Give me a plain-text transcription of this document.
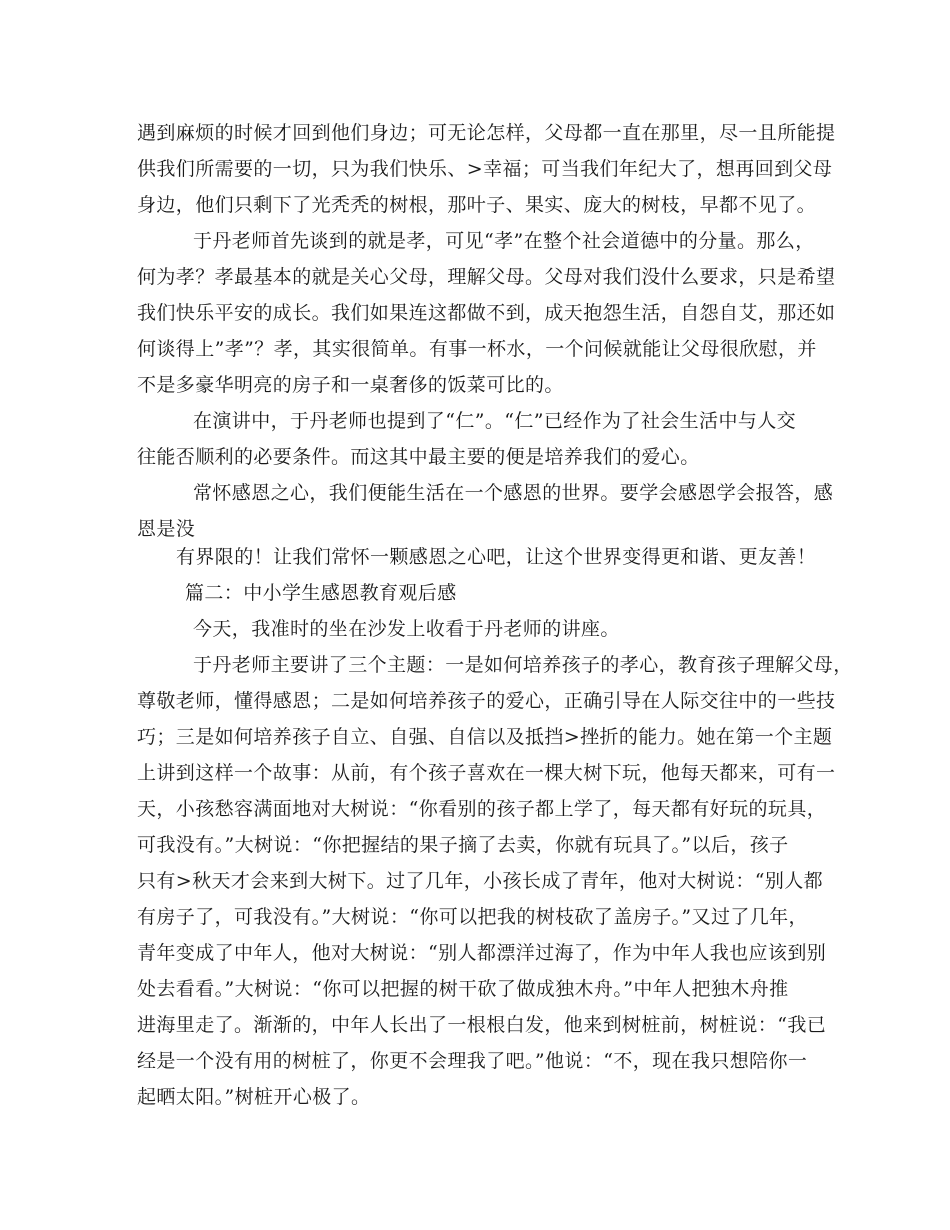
遇到麻烦的时候才回到他们身边；可无论怎样，父母都一直在那里，尽一且所能提
供我们所需要的一切，只为我们快乐、>幸福；可当我们年纪大了，想再回到父母
身边，他们只剩下了光秃秃的树根，那叶子、果实、庞大的树枝，早都不见了。
于丹老师首先谈到的就是孝，可见“孝”在整个社会道德中的分量。那么，
何为孝？孝最基本的就是关心父母，理解父母。父母对我们没什么要求，只是希望
我们快乐平安的成长。我们如果连这都做不到，成天抱怨生活，自怨自艾，那还如
何谈得上”孝”？孝，其实很简单。有事一杯水，一个问候就能让父母很欣慰，并
不是多豪华明亮的房子和一桌奢侈的饭菜可比的。
在演讲中，于丹老师也提到了“仁”。“仁”已经作为了社会生活中与人交
往能否顺利的必要条件。而这其中最主要的便是培养我们的爱心。
常怀感恩之心，我们便能生活在一个感恩的世界。要学会感恩学会报答，感
恩是没
有界限的！让我们常怀一颗感恩之心吧，让这个世界变得更和谐、更友善！
篇二：中小学生感恩教育观后感
今天，我准时的坐在沙发上收看于丹老师的讲座。
于丹老师主要讲了三个主题：一是如何培养孩子的孝心，教育孩子理解父母，
尊敬老师，懂得感恩；二是如何培养孩子的爱心，正确引导在人际交往中的一些技
巧；三是如何培养孩子自立、自强、自信以及抵挡>挫折的能力。她在第一个主题
上讲到这样一个故事：从前，有个孩子喜欢在一棵大树下玩，他每天都来，可有一
天，小孩愁容满面地对大树说：“你看别的孩子都上学了，每天都有好玩的玩具，
可我没有。”大树说：“你把握结的果子摘了去卖，你就有玩具了。”以后，孩子
只有>秋天才会来到大树下。过了几年，小孩长成了青年，他对大树说：“别人都
有房子了，可我没有。”大树说：“你可以把我的树枝砍了盖房子。”又过了几年，
青年变成了中年人，他对大树说：“别人都漂洋过海了，作为中年人我也应该到别
处去看看。”大树说：“你可以把握的树干砍了做成独木舟。”中年人把独木舟推
进海里走了。渐渐的，中年人长出了一根根白发，他来到树桩前，树桩说：“我已
经是一个没有用的树桩了，你更不会理我了吧。”他说：“不，现在我只想陪你一
起晒太阳。”树桩开心极了。
